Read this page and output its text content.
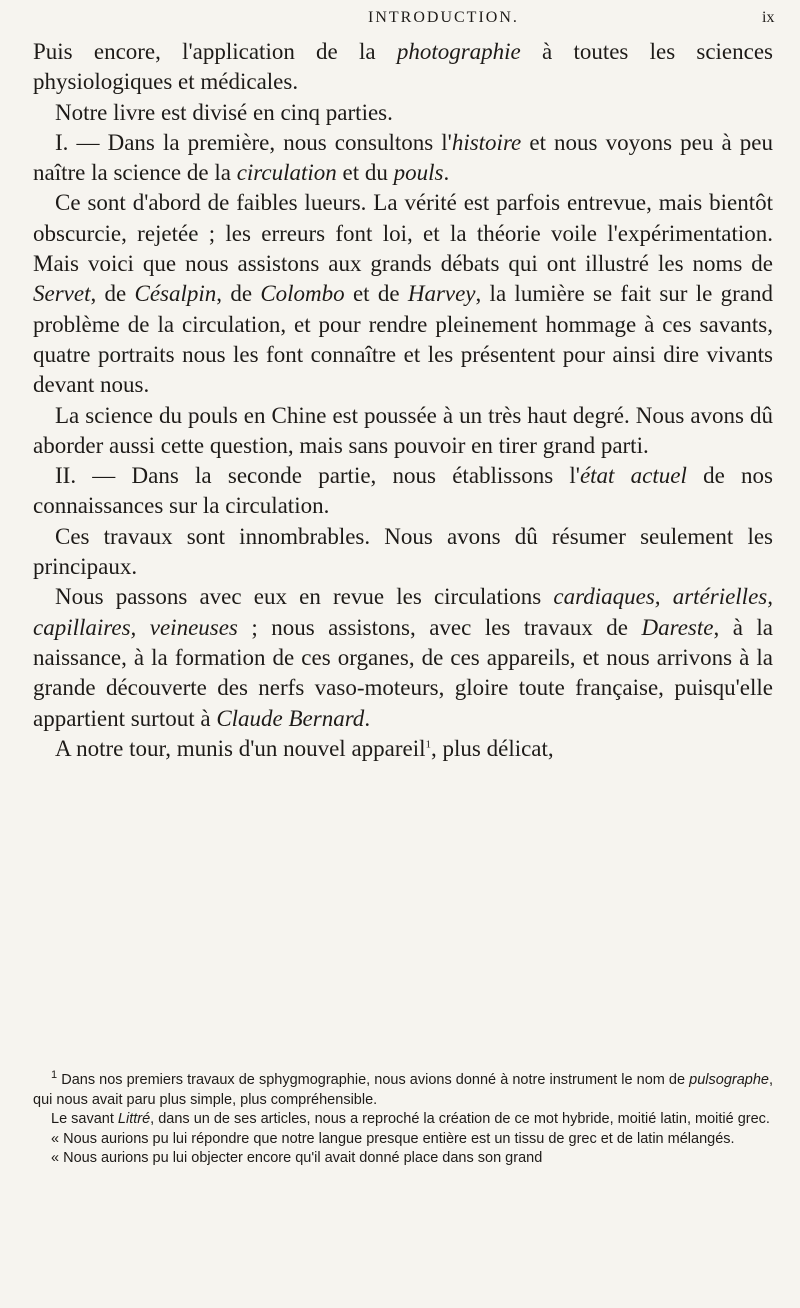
INTRODUCTION.	ix

Puis encore, l'application de la photographie à toutes les sciences physiologiques et médicales.

Notre livre est divisé en cinq parties.

I. — Dans la première, nous consultons l'histoire et nous voyons peu à peu naître la science de la circulation et du pouls.

Ce sont d'abord de faibles lueurs. La vérité est parfois entrevue, mais bientôt obscurcie, rejetée ; les erreurs font loi, et la théorie voile l'expérimentation. Mais voici que nous assistons aux grands débats qui ont illustré les noms de Servet, de Césalpin, de Colombo et de Harvey, la lumière se fait sur le grand problème de la circulation, et pour rendre pleinement hommage à ces savants, quatre portraits nous les font connaître et les présentent pour ainsi dire vivants devant nous.

La science du pouls en Chine est poussée à un très haut degré. Nous avons dû aborder aussi cette question, mais sans pouvoir en tirer grand parti.

II. — Dans la seconde partie, nous établissons l'état actuel de nos connaissances sur la circulation.

Ces travaux sont innombrables. Nous avons dû résumer seulement les principaux.

Nous passons avec eux en revue les circulations cardiaques, artérielles, capillaires, veineuses ; nous assistons, avec les travaux de Dareste, à la naissance, à la formation de ces organes, de ces appareils, et nous arrivons à la grande découverte des nerfs vaso-moteurs, gloire toute française, puisqu'elle appartient surtout à Claude Bernard.

A notre tour, munis d'un nouvel appareil$^1$, plus délicat,

$^1$ Dans nos premiers travaux de sphygmographie, nous avions donné à notre instrument le nom de pulsographe, qui nous avait paru plus simple, plus compréhensible.

Le savant Littré, dans un de ses articles, nous a reproché la création de ce mot hybride, moitié latin, moitié grec.

« Nous aurions pu lui répondre que notre langue presque entière est un tissu de grec et de latin mélangés.

« Nous aurions pu lui objecter encore qu'il avait donné place dans son grand
